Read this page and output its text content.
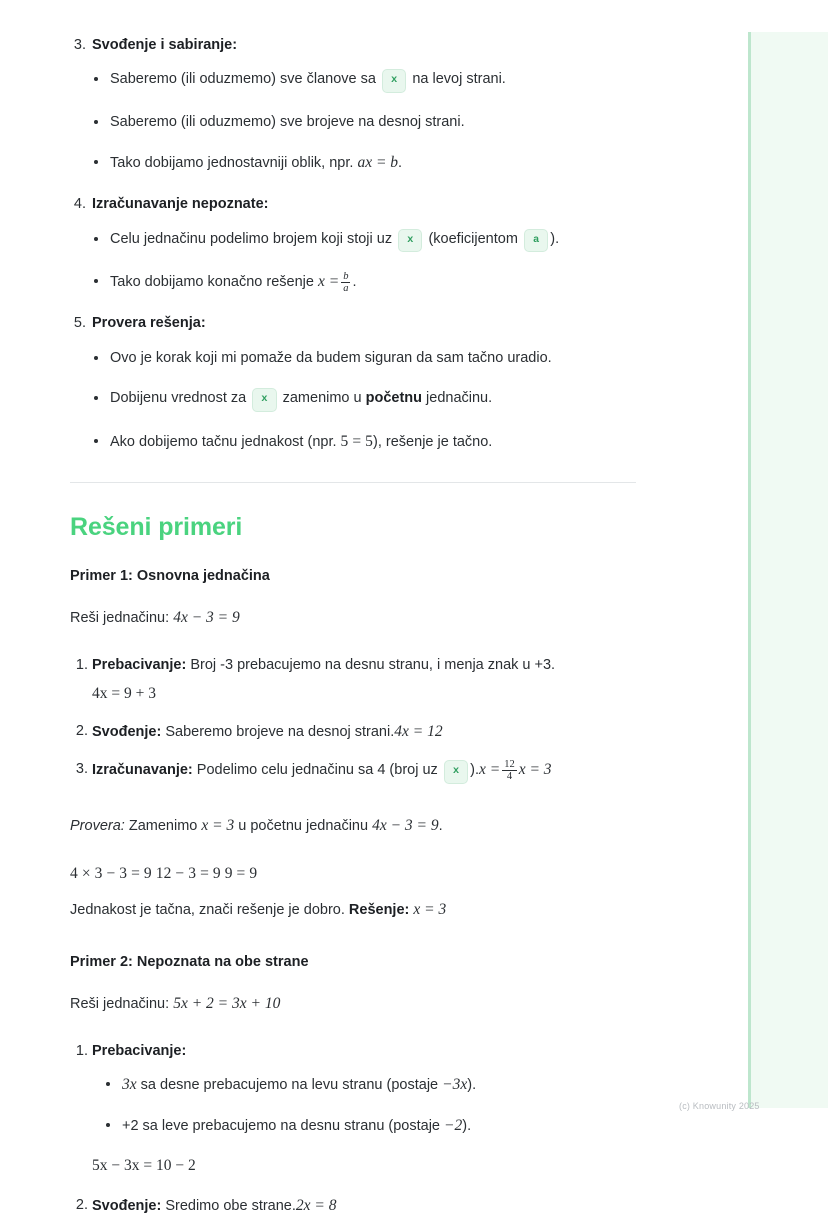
3. Svođenje i sabiranje:
Saberemo (ili oduzmemo) sve članove sa x na levoj strani.
Saberemo (ili oduzmemo) sve brojeve na desnoj strani.
Tako dobijamo jednostavniji oblik, npr. ax = b.
4. Izračunavanje nepoznate:
Celu jednačinu podelimo brojem koji stoji uz x (koeficijentom a ).
Tako dobijamo konačno rešenje $x = \frac{b}{a}$ .
5. Provera rešenja:
Ovo je korak koji mi pomaže da budem siguran da sam tačno uradio.
Dobijenu vrednost za x zamenimo u početnu jednačinu.
Ako dobijemo tačnu jednakost (npr. 5 = 5), rešenje je tačno.
Rešeni primeri
Primer 1: Osnovna jednačina
Reši jednačinu: 4x − 3 = 9
1. Prebacivanje: Broj -3 prebacujemo na desnu stranu, i menja znak u +3.
4x = 9 + 3
2. Svođenje: Saberemo brojeve na desnoj strani.4x = 12
3. Izračunavanje: Podelimo celu jednačinu sa 4 (broj uz x )$.x = \frac{12}{4}$ x = 3
Provera: Zamenimo x = 3 u početnu jednačinu 4x − 3 = 9.
4 × 3 − 3 = 9 12 − 3 = 9 9 = 9
Jednakost je tačna, znači rešenje je dobro. Rešenje: x = 3
Primer 2: Nepoznata na obe strane
Reši jednačinu: 5x + 2 = 3x + 10
1. Prebacivanje:
3x sa desne prebacujemo na levu stranu (postaje −3x).
+2 sa leve prebacujemo na desnu stranu (postaje −2).
5x − 3x = 10 − 2
2. Svođenje: Sredimo obe strane.2x = 8
(c) Knowunity 2025
